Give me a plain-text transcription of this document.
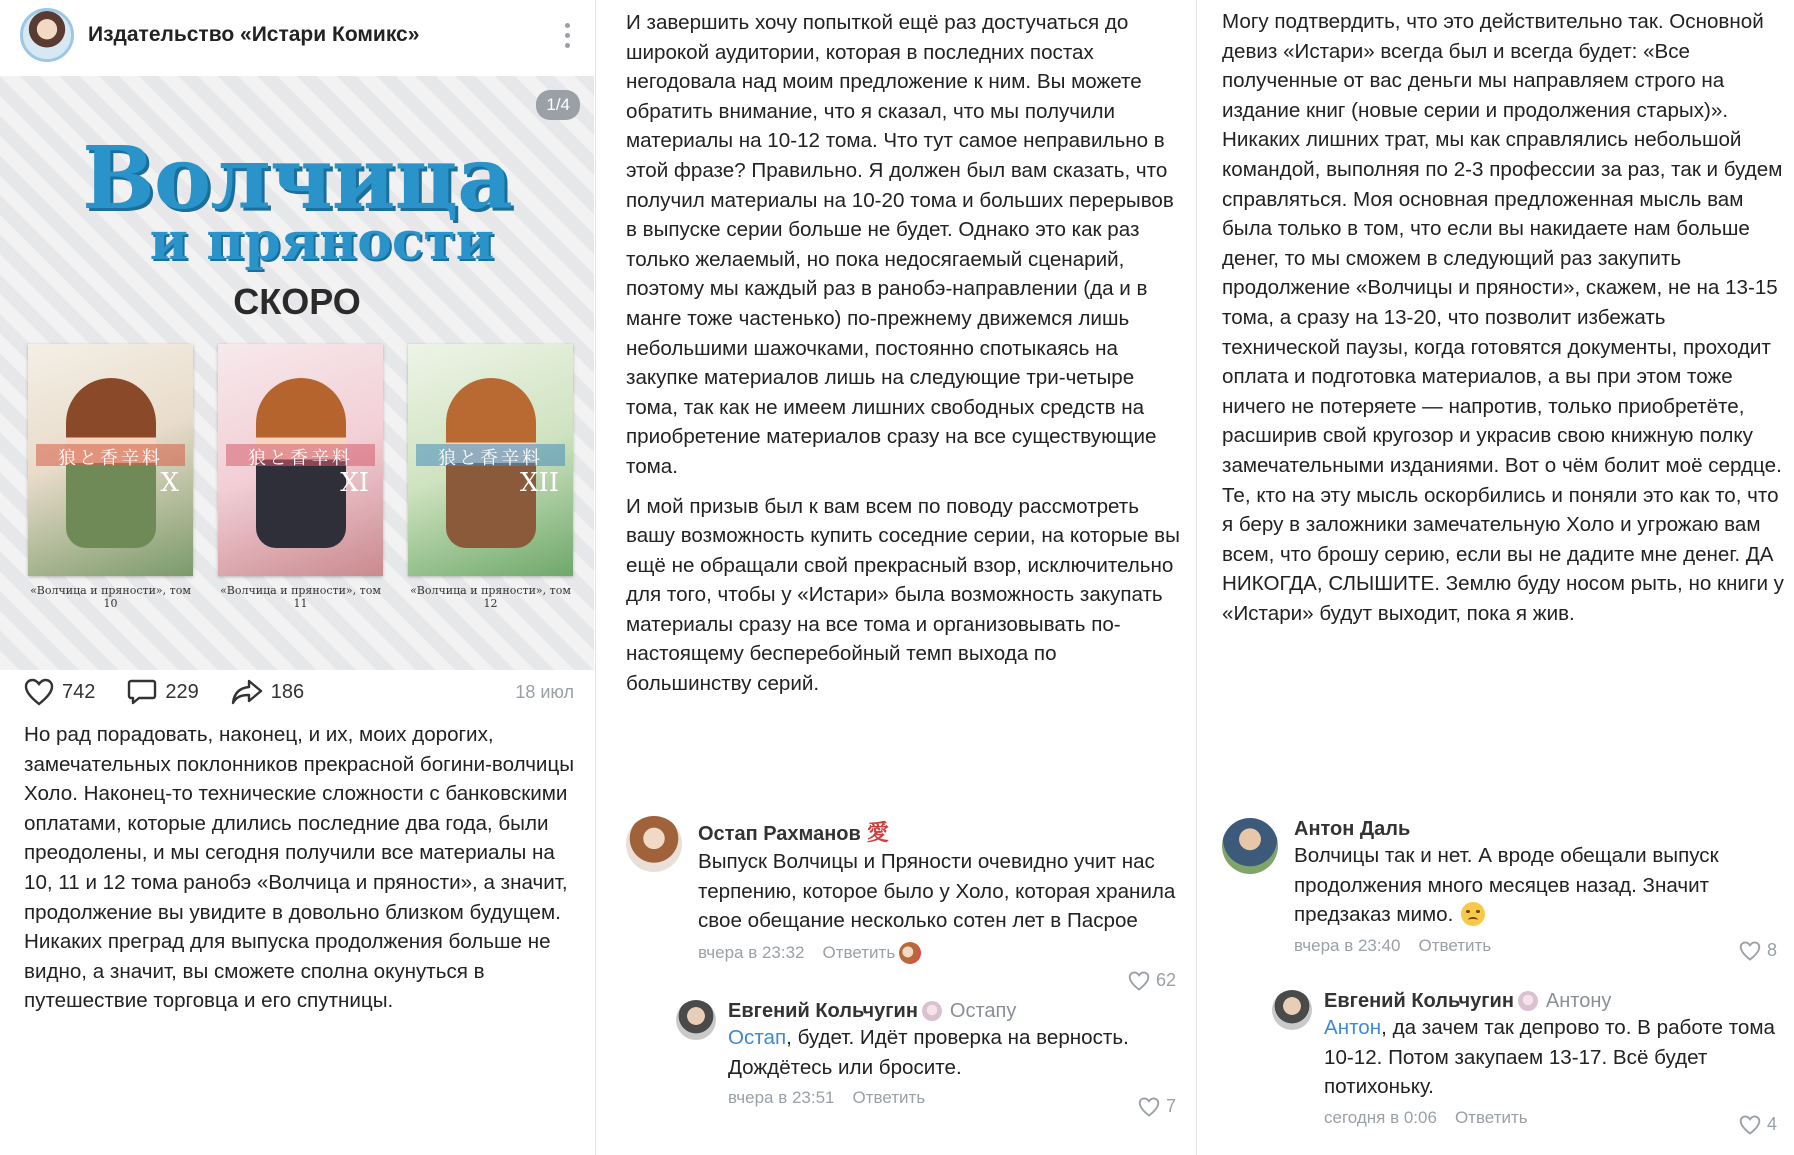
Издательство «Истари Комикс»
1/4
Волчица
и пряности
СКОРО
狼と香辛料
X
«Волчица и пряности», том 10
狼と香辛料
XI
«Волчица и пряности», том 11
狼と香辛料
XII
«Волчица и пряности», том 12
742	229	186	18 июл
Но рад порадовать, наконец, и их, моих дорогих, замечательных поклонников прекрасной богини-волчицы Холо. Наконец-то технические сложности с банковскими оплатами, которые длились последние два года, были преодолены, и мы сегодня получили все материалы на 10, 11 и 12 тома ранобэ «Волчица и пряности», а значит, продолжение вы увидите в довольно близком будущем. Никаких преград для выпуска продолжения больше не видно, а значит, вы сможете сполна окунуться в путешествие торговца и его спутницы.
И завершить хочу попыткой ещё раз достучаться до широкой аудитории, которая в последних постах негодовала над моим предложение к ним. Вы можете обратить внимание, что я сказал, что мы получили материалы на 10-12 тома. Что тут самое неправильно в этой фразе? Правильно. Я должен был вам сказать, что получил материалы на 10-20 тома и больших перерывов в выпуске серии больше не будет. Однако это как раз только желаемый, но пока недосягаемый сценарий, поэтому мы каждый раз в ранобэ-направлении (да и в манге тоже частенько) по-прежнему движемся лишь небольшими шажочками, постоянно спотыкаясь на закупке материалов лишь на следующие три-четыре тома, так как не имеем лишних свободных средств на приобретение материалов сразу на все существующие тома.
И мой призыв был к вам всем по поводу рассмотреть вашу возможность купить соседние серии, на которые вы ещё не обращали свой прекрасный взор, исключительно для того, чтобы у «Истари» была возможность закупать материалы сразу на все тома и организовывать по-настоящему бесперебойный темп выхода по большинству серий.
Остап Рахманов 愛
Выпуск Волчицы и Пряности очевидно учит нас терпению, которое было у Холо, которая хранила свое обещание несколько сотен лет в Пасрое
вчера в 23:32 Ответить
62
Евгений Кольчугин Остапу
Остап, будет. Идёт проверка на верность. Дождётесь или бросите.
вчера в 23:51 Ответить	7
Могу подтвердить, что это действительно так. Основной девиз «Истари» всегда был и всегда будет: «Все полученные от вас деньги мы направляем строго на издание книг (новые серии и продолжения старых)». Никаких лишних трат, мы как справлялись небольшой командой, выполняя по 2-3 профессии за раз, так и будем справляться. Моя основная предложенная мысль вам была только в том, что если вы накидаете нам больше денег, то мы сможем в следующий раз закупить продолжение «Волчицы и пряности», скажем, не на 13-15 тома, а сразу на 13-20, что позволит избежать технической паузы, когда готовятся документы, проходит оплата и подготовка материалов, а вы при этом тоже ничего не потеряете — напротив, только приобретёте, расширив свой кругозор и украсив свою книжную полку замечательными изданиями. Вот о чём болит моё сердце. Те, кто на эту мысль оскорбились и поняли это как то, что я беру в заложники замечательную Холо и угрожаю вам всем, что брошу серию, если вы не дадите мне денег. ДА НИКОГДА, СЛЫШИТЕ. Землю буду носом рыть, но книги у «Истари» будут выходит, пока я жив.
Антон Даль
Волчицы так и нет. А вроде обещали выпуск продолжения много месяцев назад. Значит предзаказ мимо.
вчера в 23:40 Ответить	8
Евгений Кольчугин Антону
Антон, да зачем так депрово то. В работе тома 10-12. Потом закупаем 13-17. Всё будет потихоньку.
сегодня в 0:06 Ответить	4
